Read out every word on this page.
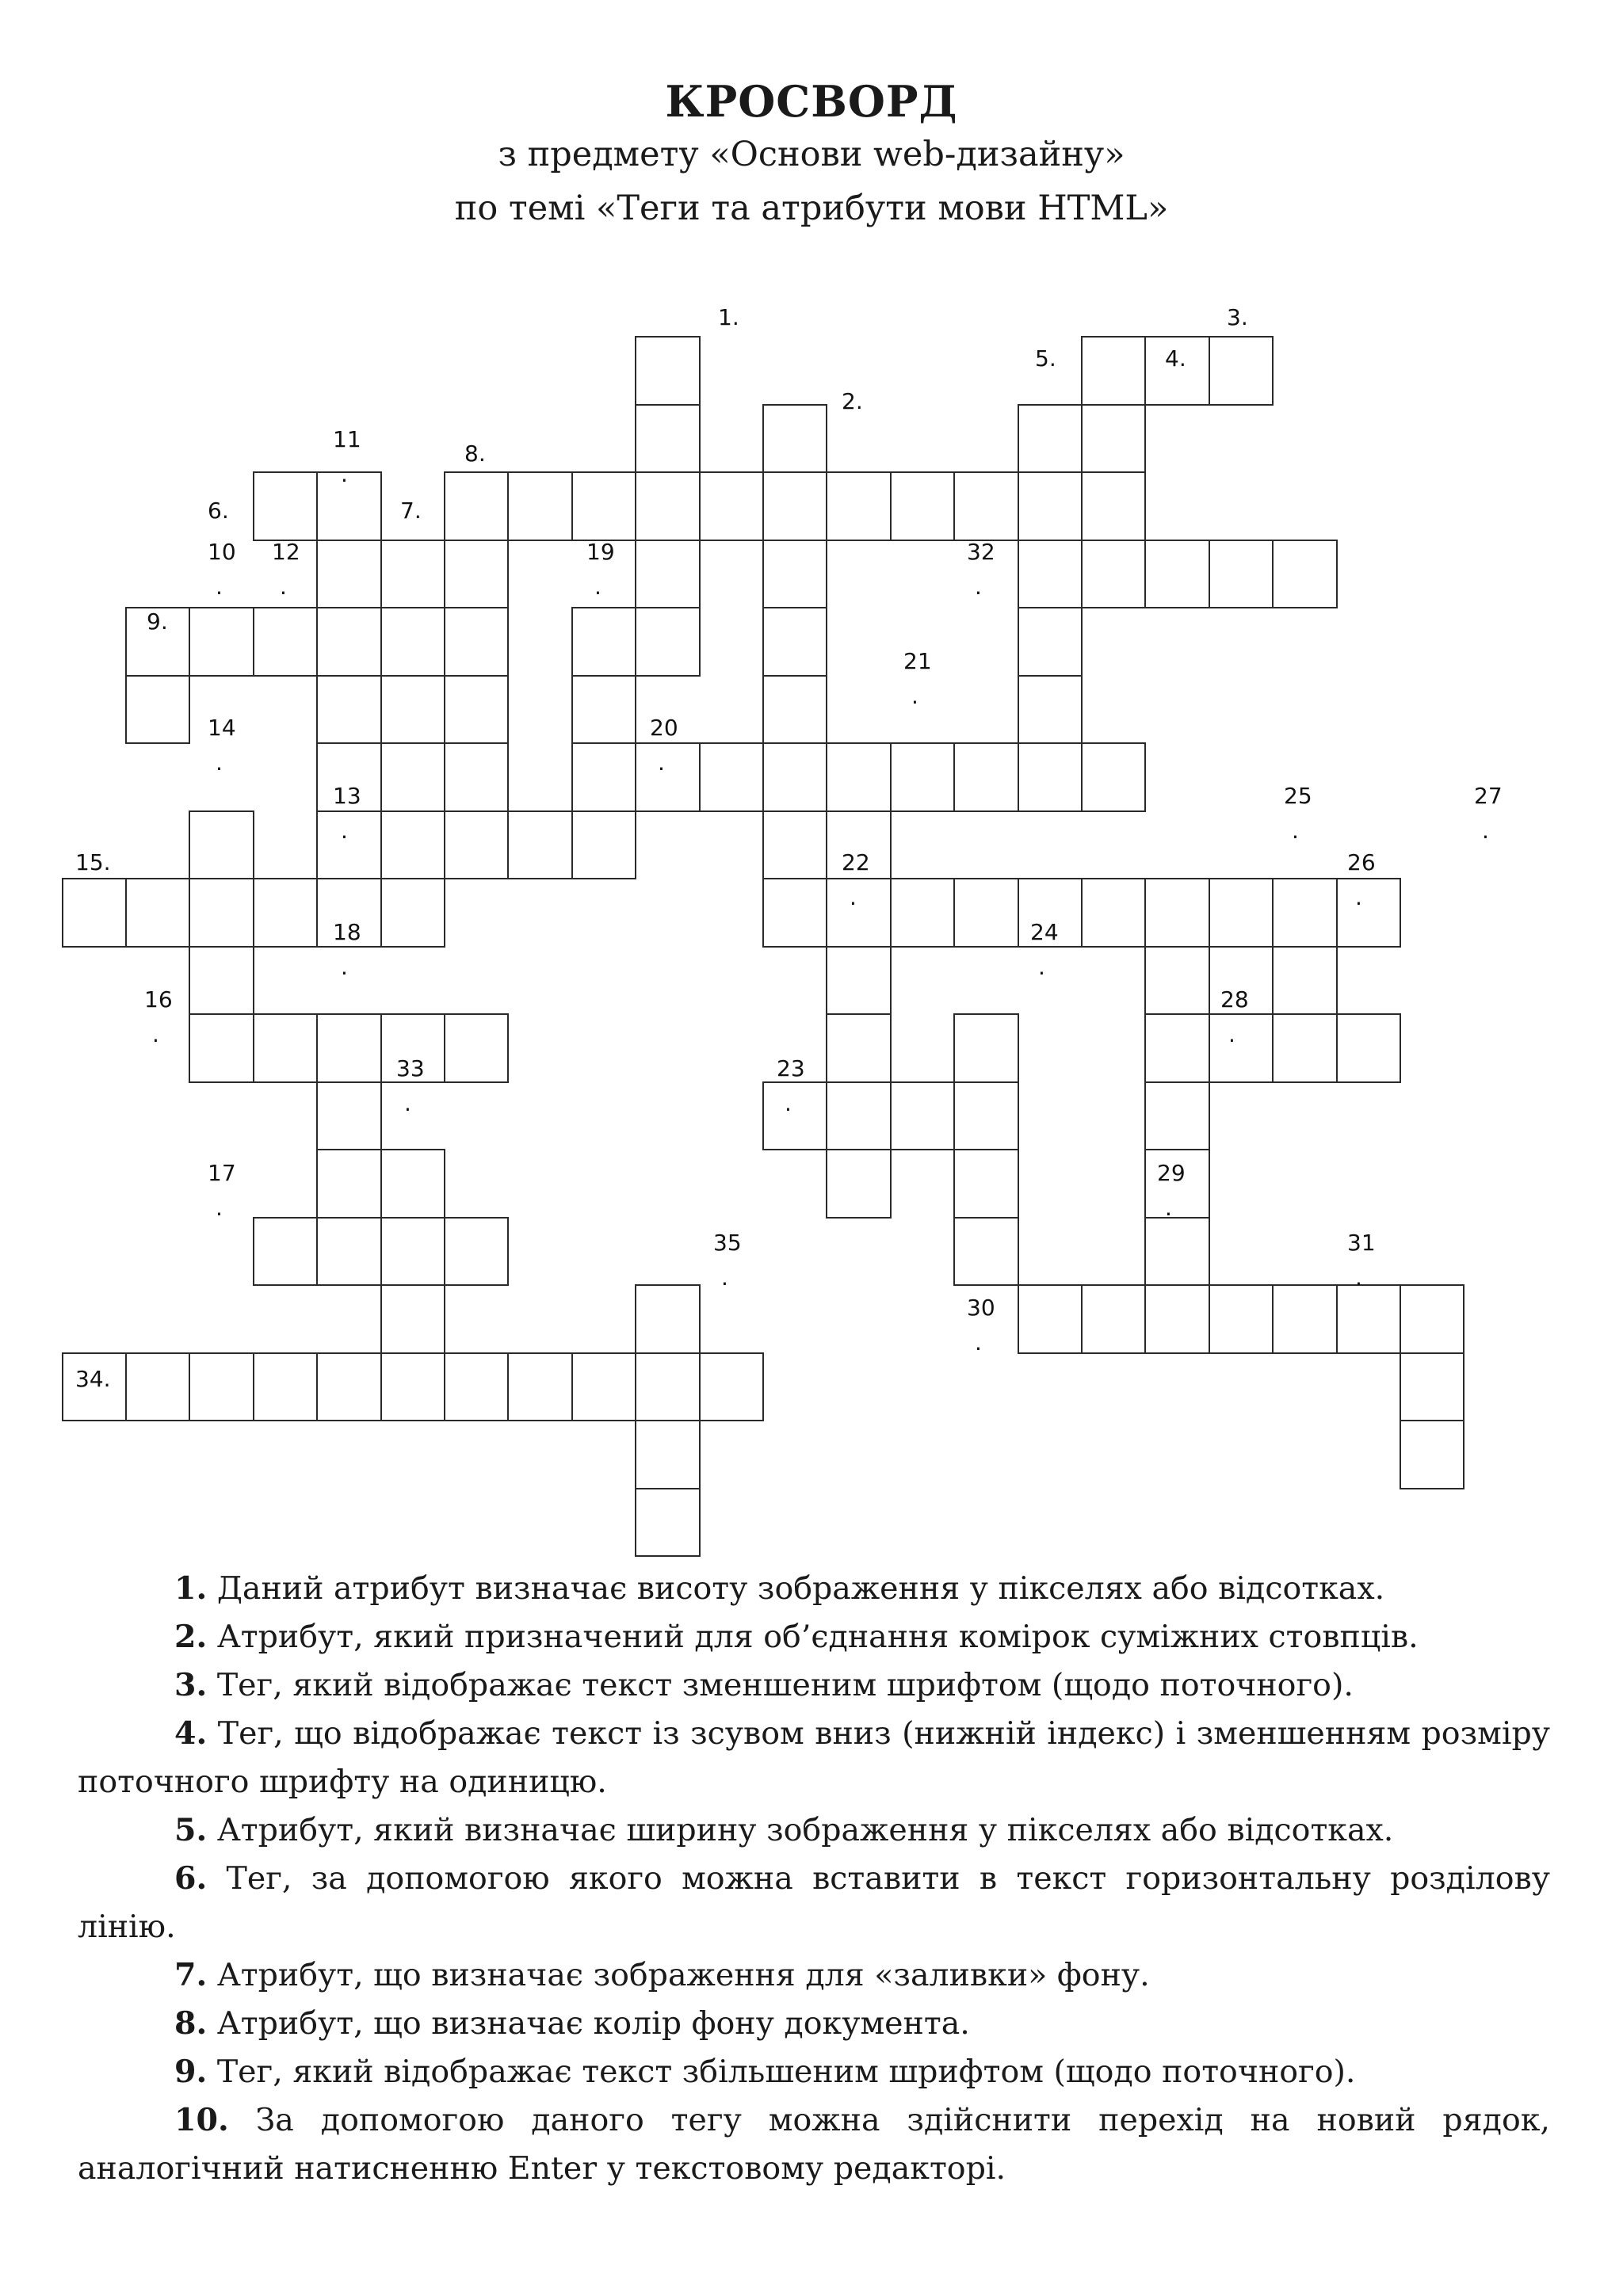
КРОСВОРД
з предмету «Основи web-дизайну»
по темі «Теги та атрибути мови HTML»
1.
2.
3.
4.
5.
6.	7.
8.
9.
10
.
11
.
12
.
13
.
14
.
15.
16
.
17
.
18
.
19
.
20
.
21
.
22
.
23
.
24
.
25
.
26
.
27
.
28
.
29
.
30
.
31
.
32
.
33
.
34.
35
.

1. Даний атрибут визначає висоту зображення у пікселях або відсотках.

2. Атрибут, який призначений для об’єднання комірок суміжних стовпців.

3. Тег, який відображає текст зменшеним шрифтом (щодо поточного).

4. Тег, що відображає текст із зсувом вниз (нижній індекс) і зменшенням розміру поточного шрифту на одиницю.

5. Атрибут, який визначає ширину зображення у пікселях або відсотках.

6. Тег, за допомогою якого можна вставити в текст горизонтальну розділову лінію.

7. Атрибут, що визначає зображення для «заливки» фону.

8. Атрибут, що визначає колір фону документа.

9. Тег, який відображає текст збільшеним шрифтом (щодо поточного).

10. За допомогою даного тегу можна здійснити перехід на новий рядок, аналогічний натисненню Enter у текстовому редакторі.
